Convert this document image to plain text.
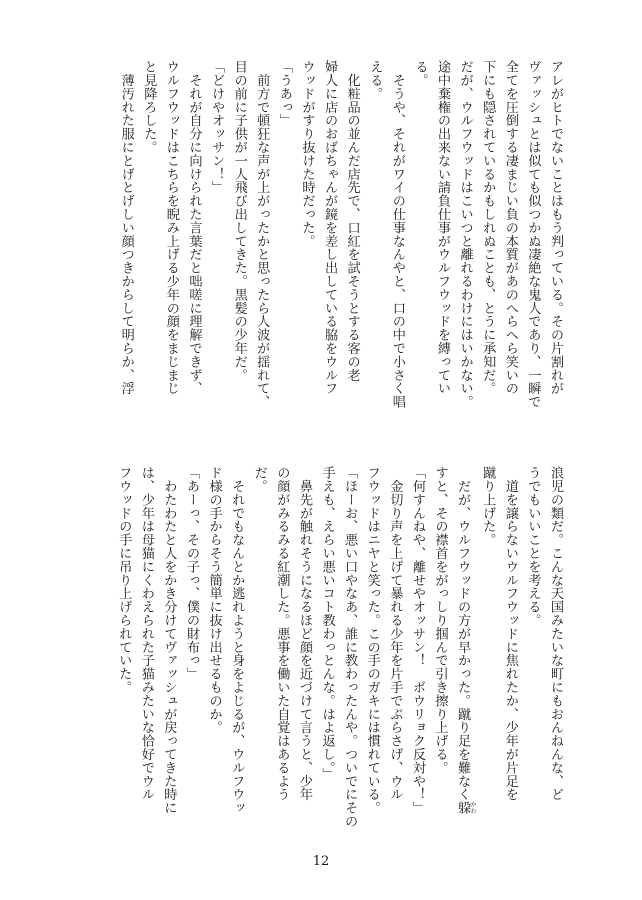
アレがヒトでないことはもう判っている。その片割れが
ヴァッシュとは似ても似つかぬ凄絶な鬼人であり、一瞬で
全てを圧倒する凄まじい負の本質があのへらへら笑いの
下にも隠されているかもしれぬことも、とうに承知だ。
だが、ウルフウッドはこいつと離れるわけにはいかない。
途中棄権の出来ない請負仕事がウルフウッドを縛ってい
る。
　そうや、それがワイの仕事なんやと、口の中で小さく唱
える。
　化粧品の並んだ店先で、口紅を試そうとする客の老
婦人に店のおばちゃんが鏡を差し出している脇をウルフ
ウッドがすり抜けた時だった。
「うあっ」
　前方で頓狂な声が上がったかと思ったら人波が揺れて、
目の前に子供が一人飛び出してきた。黒髪の少年だ。
「どけやオッサン！」
　それが自分に向けられた言葉だと咄嗟に理解できず、
ウルフウッドはこちらを睨み上げる少年の顔をまじまじ
と見降ろした。
　薄汚れた服にとげとげしい顔つきからして明らか、浮
浪児の類だ。こんな天国みたいな町にもおんねんな、ど
うでもいいことを考える。
　道を譲らないウルフウッドに焦れたか、少年が片足を
蹴り上げた。
　だが、ウルフウッドの方が早かった。蹴り足を難なく躱 かわ
すと、その襟首をがっしり掴んで引き擦り上げる。
「何すんねや、離せやオッサン！　ボウリョク反対や！」
　金切り声を上げて暴れる少年を片手でぶらさげ、ウル
フウッドはニヤと笑った。この手のガキには慣れている。
「ほーお、悪い口やなあ、誰に教わったんや。ついでにその
手えも、えらい悪いコト教わっとんな。はよ返し。」
　鼻先が触れそうになるほど顔を近づけて言うと、少年
の顔がみるみる紅潮した。悪事を働いた自覚はあるよう
だ。
　それでもなんとか逃れようと身をよじるが、ウルフウッ
ド様の手からそう簡単に抜け出せるものか。
「あーっ、その子っ、僕の財布っ」
　わたわたと人をかき分けてヴァッシュが戻ってきた時に
は、少年は母猫にくわえられた子猫みたいな恰好でウル
フウッドの手に吊り上げられていた。
12
